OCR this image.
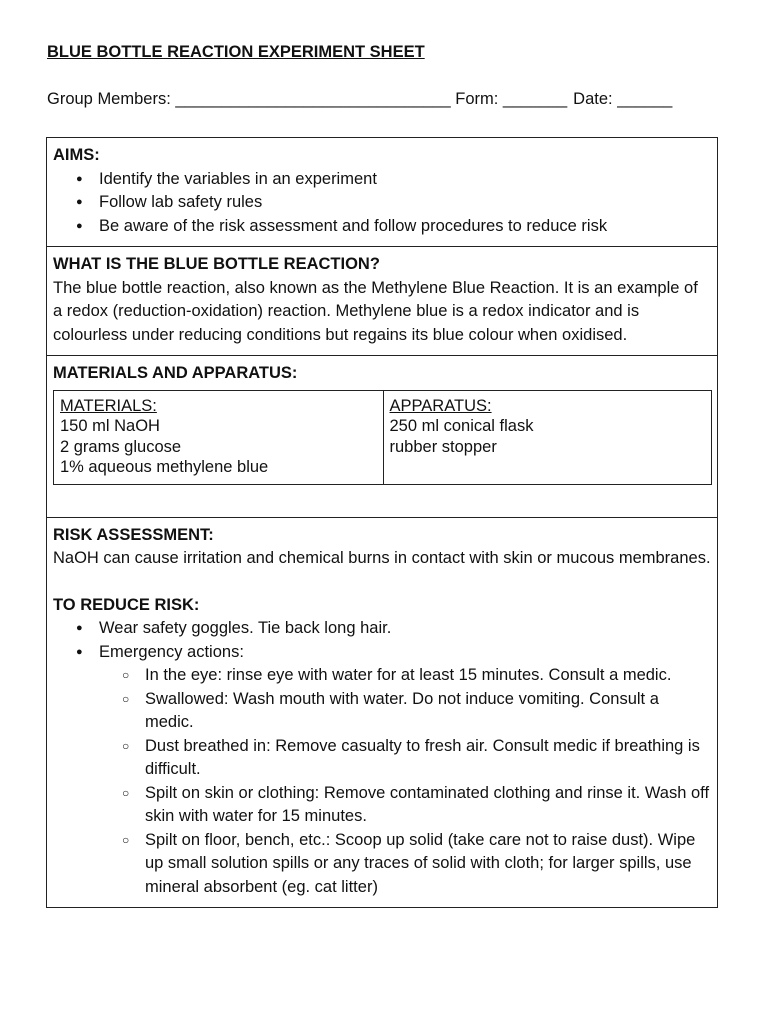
BLUE BOTTLE REACTION EXPERIMENT SHEET
Group Members: ______________________________ Form: _______ Date: ______
AIMS:
● Identify the variables in an experiment
● Follow lab safety rules
● Be aware of the risk assessment and follow procedures to reduce risk
WHAT IS THE BLUE BOTTLE REACTION?
The blue bottle reaction, also known as the Methylene Blue Reaction. It is an example of a redox (reduction-oxidation) reaction. Methylene blue is a redox indicator and is colourless under reducing conditions but regains its blue colour when oxidised.
MATERIALS AND APPARATUS:
MATERIALS:
150 ml NaOH
2 grams glucose
1% aqueous methylene blue
APPARATUS:
250 ml conical flask
rubber stopper
RISK ASSESSMENT:
NaOH can cause irritation and chemical burns in contact with skin or mucous membranes.
TO REDUCE RISK:
● Wear safety goggles. Tie back long hair.
● Emergency actions:
○ In the eye: rinse eye with water for at least 15 minutes. Consult a medic.
○ Swallowed: Wash mouth with water. Do not induce vomiting. Consult a medic.
○ Dust breathed in: Remove casualty to fresh air. Consult medic if breathing is difficult.
○ Spilt on skin or clothing: Remove contaminated clothing and rinse it. Wash off skin with water for 15 minutes.
○ Spilt on floor, bench, etc.: Scoop up solid (take care not to raise dust). Wipe up small solution spills or any traces of solid with cloth; for larger spills, use mineral absorbent (eg. cat litter)
